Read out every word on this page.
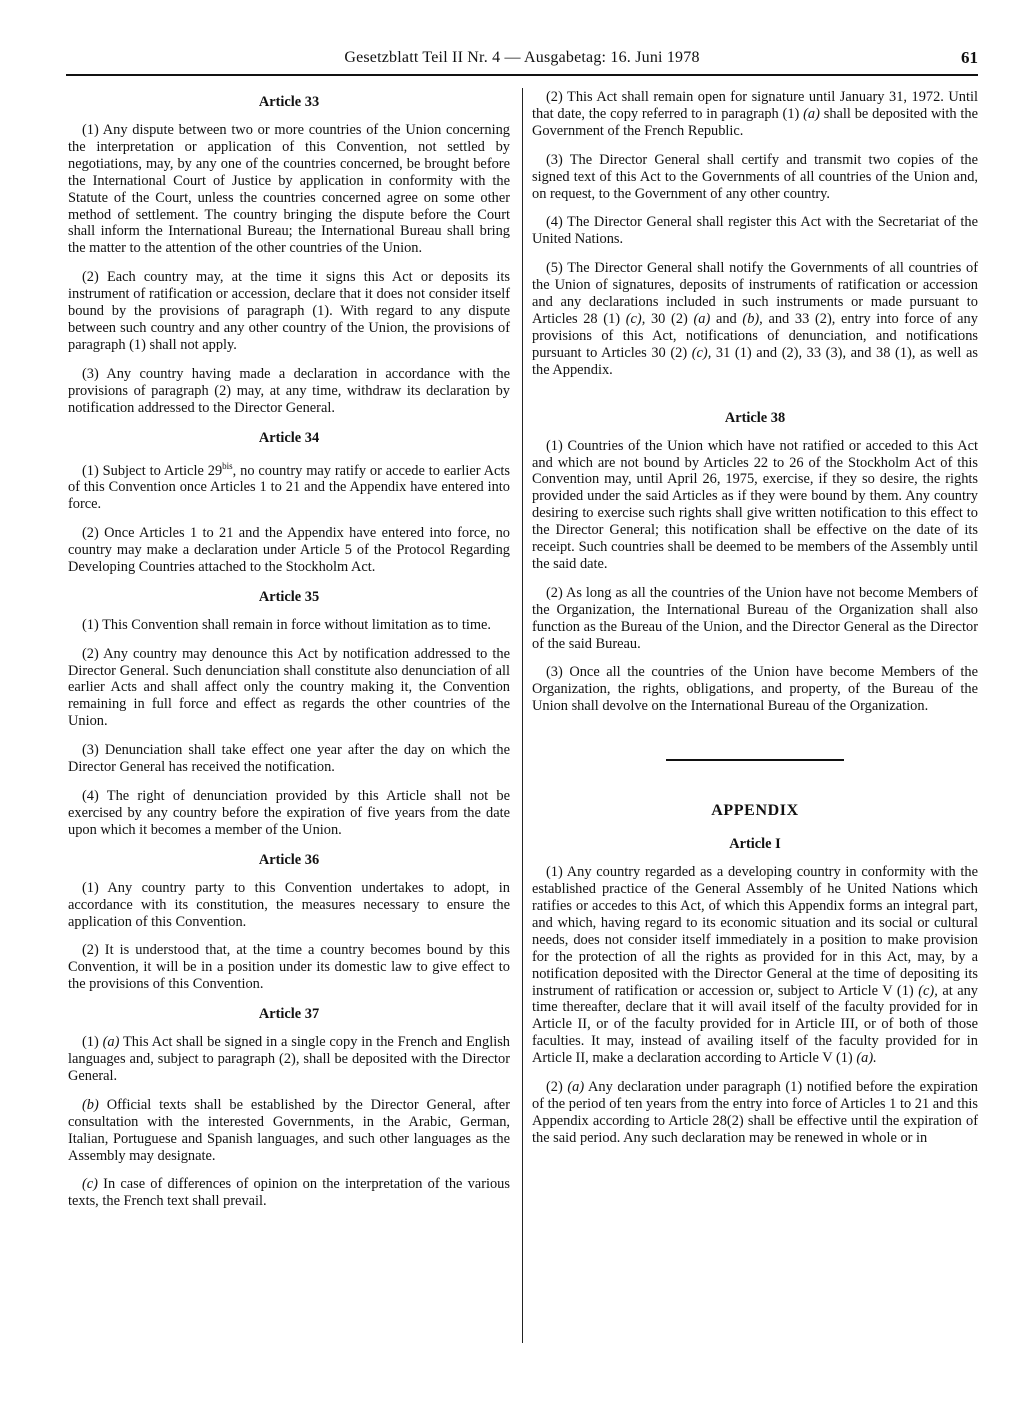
Gesetzblatt Teil II Nr. 4 — Ausgabetag: 16. Juni 1978	61
Article 33

(1) Any dispute between two or more countries of the Union concerning the interpretation or application of this Convention, not settled by negotiations, may, by any one of the countries concerned, be brought before the International Court of Justice by application in conformity with the Statute of the Court, unless the countries concerned agree on some other method of settlement. The country bringing the dispute before the Court shall inform the International Bureau; the International Bureau shall bring the matter to the attention of the other countries of the Union.

(2) Each country may, at the time it signs this Act or deposits its instrument of ratification or accession, declare that it does not consider itself bound by the provisions of paragraph (1). With regard to any dispute between such country and any other country of the Union, the provisions of paragraph (1) shall not apply.

(3) Any country having made a declaration in accordance with the provisions of paragraph (2) may, at any time, withdraw its declaration by notification addressed to the Director General.

Article 34

(1) Subject to Article $29^{bis}$, no country may ratify or accede to earlier Acts of this Convention once Articles 1 to 21 and the Appendix have entered into force.

(2) Once Articles 1 to 21 and the Appendix have entered into force, no country may make a declaration under Article 5 of the Protocol Regarding Developing Countries attached to the Stockholm Act.

Article 35

(1) This Convention shall remain in force without limitation as to time.

(2) Any country may denounce this Act by notification addressed to the Director General. Such denunciation shall constitute also denunciation of all earlier Acts and shall affect only the country making it, the Convention remaining in full force and effect as regards the other countries of the Union.

(3) Denunciation shall take effect one year after the day on which the Director General has received the notification.

(4) The right of denunciation provided by this Article shall not be exercised by any country before the expiration of five years from the date upon which it becomes a member of the Union.

Article 36

(1) Any country party to this Convention undertakes to adopt, in accordance with its constitution, the measures necessary to ensure the application of this Convention.

(2) It is understood that, at the time a country becomes bound by this Convention, it will be in a position under its domestic law to give effect to the provisions of this Convention.

Article 37

(1) (a) This Act shall be signed in a single copy in the French and English languages and, subject to paragraph (2), shall be deposited with the Director General.

(b) Official texts shall be established by the Director General, after consultation with the interested Governments, in the Arabic, German, Italian, Portuguese and Spanish languages, and such other languages as the Assembly may designate.

(c) In case of differences of opinion on the interpretation of the various texts, the French text shall prevail.

(2) This Act shall remain open for signature until January 31, 1972. Until that date, the copy referred to in paragraph (1) (a) shall be deposited with the Government of the French Republic.

(3) The Director General shall certify and transmit two copies of the signed text of this Act to the Governments of all countries of the Union and, on request, to the Government of any other country.

(4) The Director General shall register this Act with the Secretariat of the United Nations.

(5) The Director General shall notify the Governments of all countries of the Union of signatures, deposits of instruments of ratification or accession and any declarations included in such instruments or made pursuant to Articles 28 (1) (c), 30 (2) (a) and (b), and 33 (2), entry into force of any provisions of this Act, notifications of denunciation, and notifications pursuant to Articles 30 (2) (c), 31 (1) and (2), 33 (3), and 38 (1), as well as the Appendix.

Article 38

(1) Countries of the Union which have not ratified or acceded to this Act and which are not bound by Articles 22 to 26 of the Stockholm Act of this Convention may, until April 26, 1975, exercise, if they so desire, the rights provided under the said Articles as if they were bound by them. Any country desiring to exercise such rights shall give written notification to this effect to the Director General; this notification shall be effective on the date of its receipt. Such countries shall be deemed to be members of the Assembly until the said date.

(2) As long as all the countries of the Union have not become Members of the Organization, the International Bureau of the Organization shall also function as the Bureau of the Union, and the Director General as the Director of the said Bureau.

(3) Once all the countries of the Union have become Members of the Organization, the rights, obligations, and property, of the Bureau of the Union shall devolve on the International Bureau of the Organization.

APPENDIX
Article I

(1) Any country regarded as a developing country in conformity with the established practice of the General Assembly of he United Nations which ratifies or accedes to this Act, of which this Appendix forms an integral part, and which, having regard to its economic situation and its social or cultural needs, does not consider itself immediately in a position to make provision for the protection of all the rights as provided for in this Act, may, by a notification deposited with the Director General at the time of depositing its instrument of ratification or accession or, subject to Article V (1) (c), at any time thereafter, declare that it will avail itself of the faculty provided for in Article II, or of the faculty provided for in Article III, or of both of those faculties. It may, instead of availing itself of the faculty provided for in Article II, make a declaration according to Article V (1) (a).

(2) (a) Any declaration under paragraph (1) notified before the expiration of the period of ten years from the entry into force of Articles 1 to 21 and this Appendix according to Article 28(2) shall be effective until the expiration of the said period. Any such declaration may be renewed in whole or in
